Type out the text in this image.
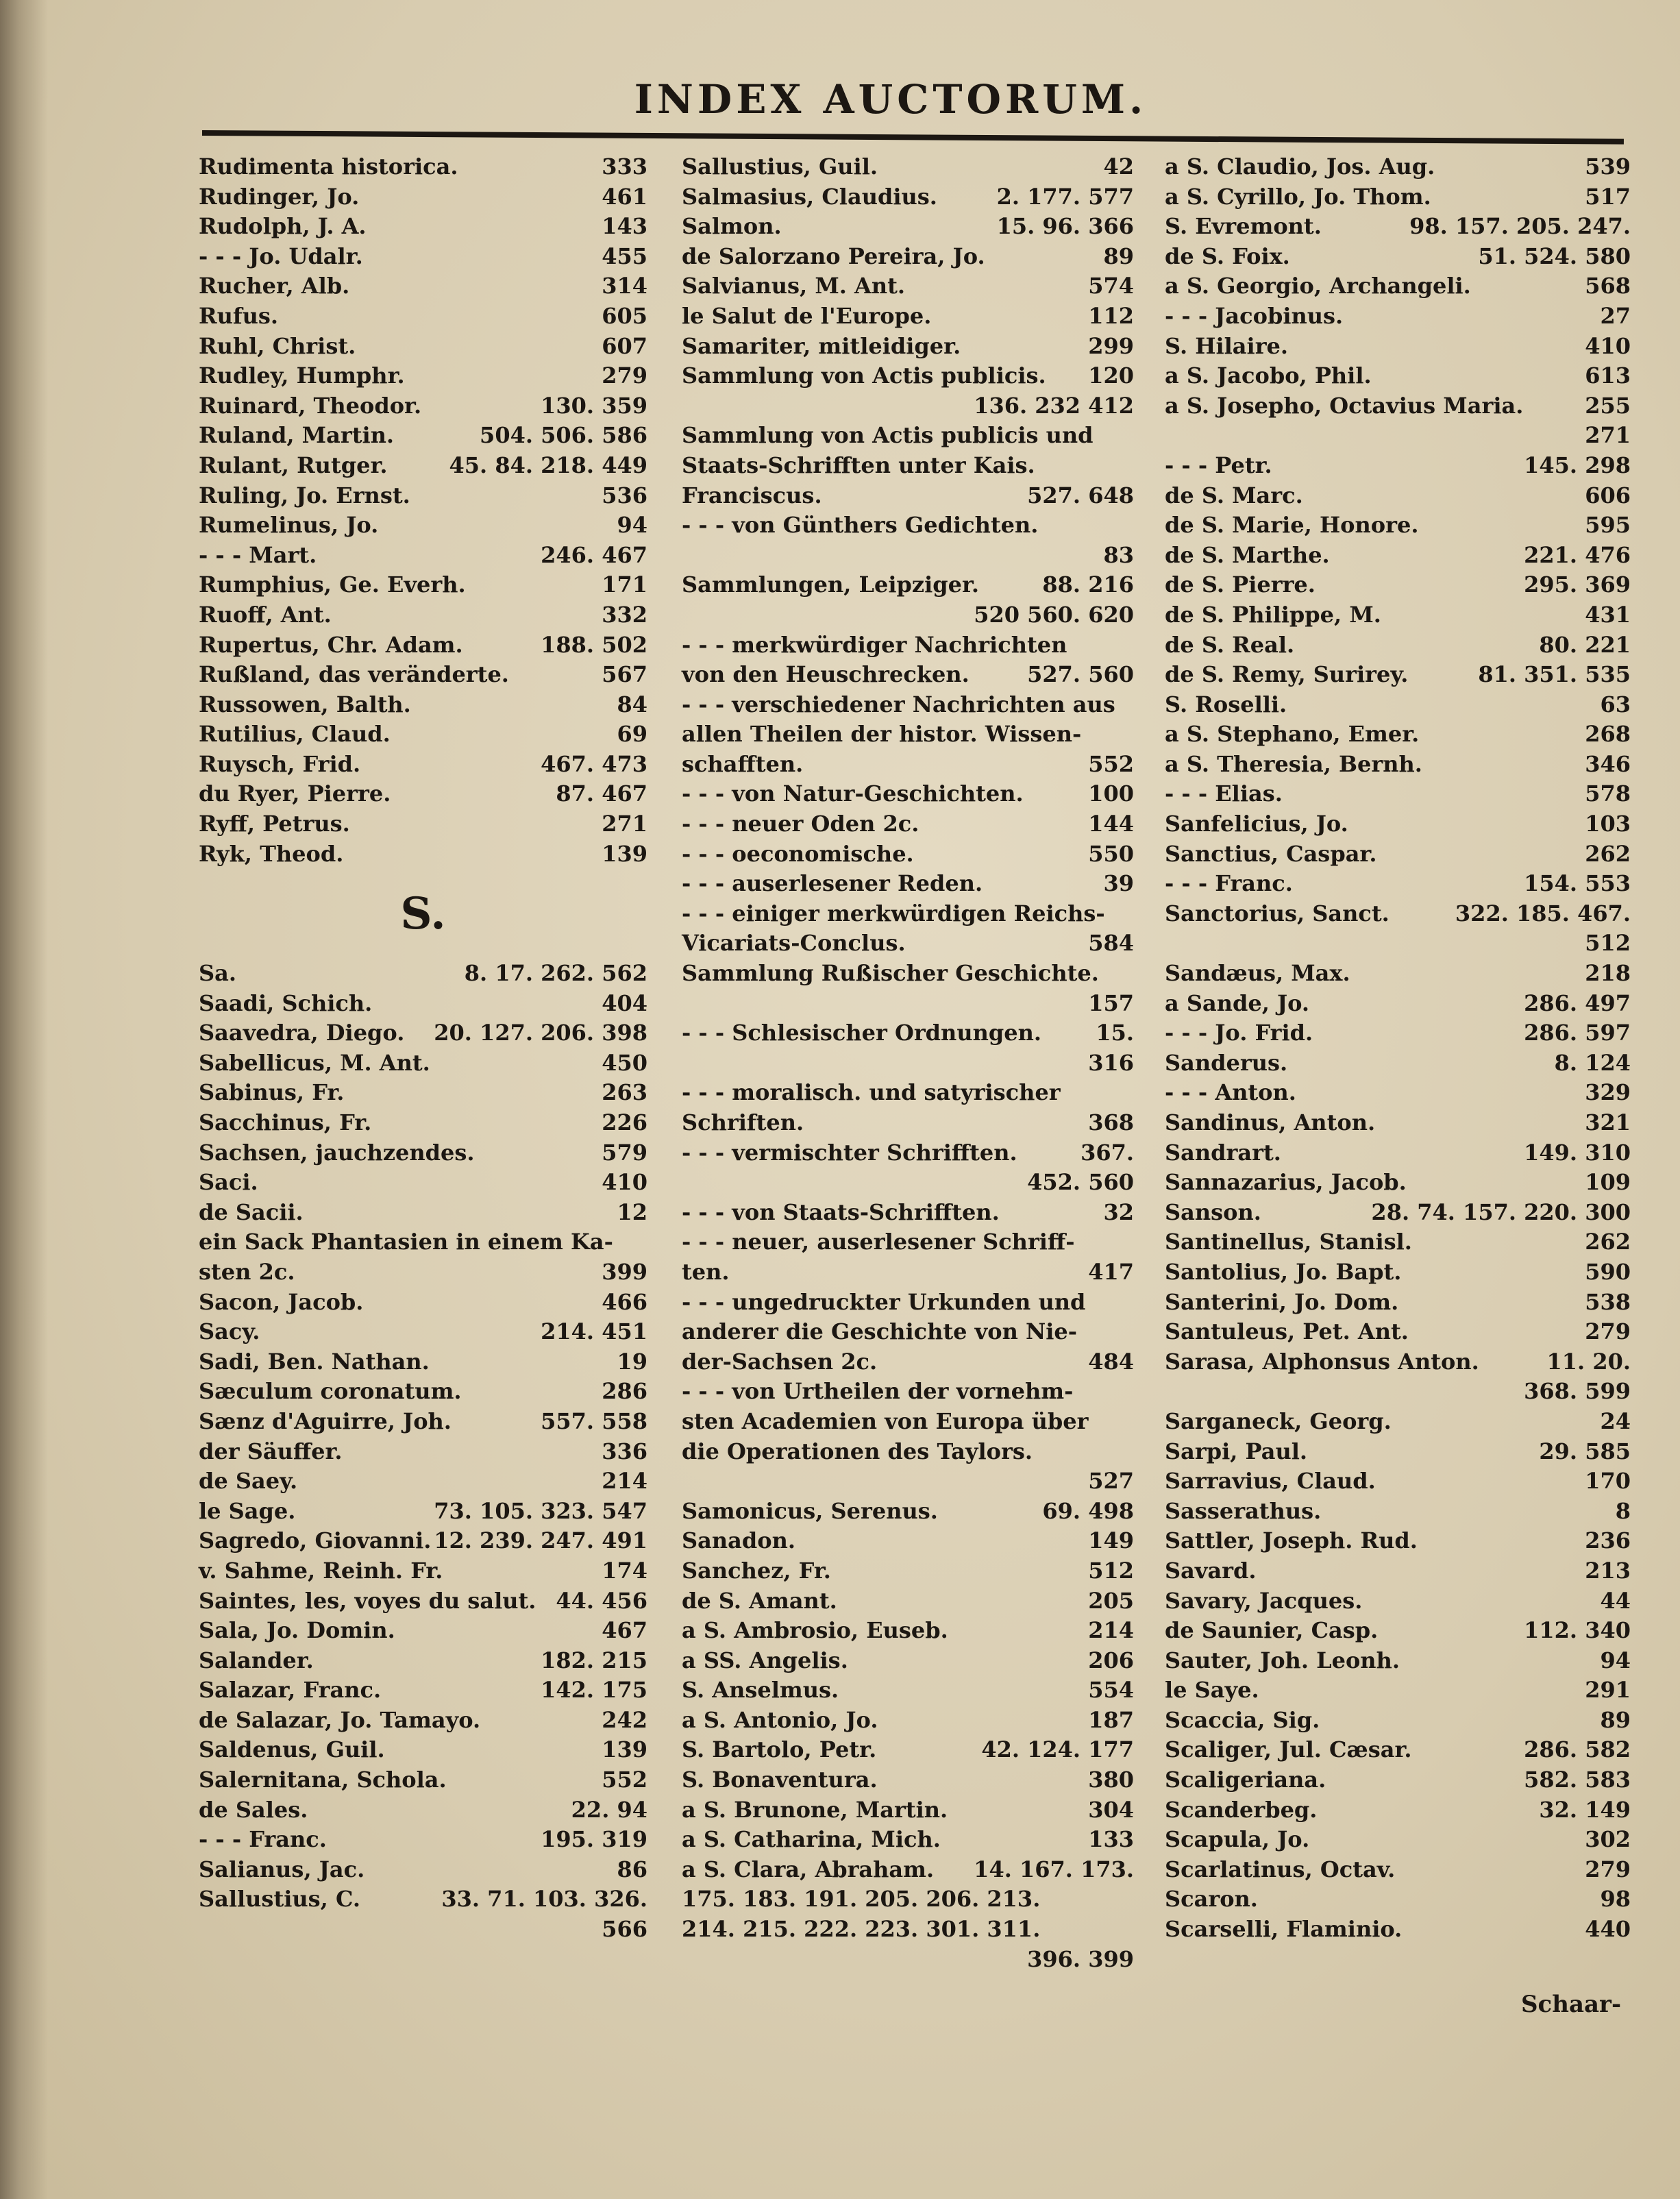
INDEX AUCTORUM.
Rudimenta historica.	333
Rudinger, Jo.	461
Rudolph, J. A.	143
- - - Jo. Udalr.	455
Rucher, Alb.	314
Rufus.	605
Ruhl, Christ.	607
Rudley, Humphr.	279
Ruinard, Theodor.	130. 359
Ruland, Martin.	504. 506. 586
Rulant, Rutger.	45. 84. 218. 449
Ruling, Jo. Ernst.	536
Rumelinus, Jo.	94
- - - Mart.	246. 467
Rumphius, Ge. Everh.	171
Ruoff, Ant.	332
Rupertus, Chr. Adam.	188. 502
Rußland, das veränderte.	567
Russowen, Balth.	84
Rutilius, Claud.	69
Ruysch, Frid.	467. 473
du Ryer, Pierre.	87. 467
Ryff, Petrus.	271
Ryk, Theod.	139
S.
Sa.	8. 17. 262. 562
Saadi, Schich.	404
Saavedra, Diego. 20. 127. 206. 398
Sabellicus, M. Ant.	450
Sabinus, Fr.	263
Sacchinus, Fr.	226
Sachsen, jauchzendes.	579
Saci.	410
de Sacii.	12
ein Sack Phantasien in einem Ka-
sten 2c.	399
Sacon, Jacob.	466
Sacy.	214. 451
Sadi, Ben. Nathan.	19
Sæculum coronatum.	286
Sænz d'Aguirre, Joh.	557. 558
der Säuffer.	336
de Saey.	214
le Sage.	73. 105. 323. 547
Sagredo, Giovanni. 12. 239. 247. 491
v. Sahme, Reinh. Fr.	174
Saintes, les, voyes du salut. 44. 456
Sala, Jo. Domin.	467
Salander.	182. 215
Salazar, Franc.	142. 175
de Salazar, Jo. Tamayo.	242
Saldenus, Guil.	139
Salernitana, Schola.	552
de Sales.	22. 94
- - - Franc.	195. 319
Salianus, Jac.	86
Sallustius, C.	33. 71. 103. 326.
566
Sallustius, Guil.	42
Salmasius, Claudius.	2. 177. 577
Salmon.	15. 96. 366
de Salorzano Pereira, Jo.	89
Salvianus, M. Ant.	574
le Salut de l'Europe.	112
Samariter, mitleidiger.	299
Sammlung von Actis publicis. 120
136. 232 412
Sammlung von Actis publicis und
Staats-Schrifften unter Kais.
Franciscus.	527. 648
- - - von Günthers Gedichten.
83
Sammlungen, Leipziger.	88. 216
520 560. 620
- - - merkwürdiger Nachrichten
von den Heuschrecken.	527. 560
- - - verschiedener Nachrichten aus
allen Theilen der histor. Wissen-
schafften.	552
- - - von Natur-Geschichten.	100
- - - neuer Oden 2c.	144
- - - oeconomische.	550
- - - auserlesener Reden.	39
- - - einiger merkwürdigen Reichs-
Vicariats-Conclus.	584
Sammlung Rußischer Geschichte.
157
- - - Schlesischer Ordnungen. 15.
316
- - - moralisch. und satyrischer
Schriften.	368
- - - vermischter Schrifften.	367.
452. 560
- - - von Staats-Schrifften.	32
- - - neuer, auserlesener Schriff-
ten.	417
- - - ungedruckter Urkunden und
anderer die Geschichte von Nie-
der-Sachsen 2c.	484
- - - von Urtheilen der vornehm-
sten Academien von Europa über
die Operationen des Taylors.
527
Samonicus, Serenus.	69. 498
Sanadon.	149
Sanchez, Fr.	512
de S. Amant.	205
a S. Ambrosio, Euseb.	214
a SS. Angelis.	206
S. Anselmus.	554
a S. Antonio, Jo.	187
S. Bartolo, Petr.	42. 124. 177
S. Bonaventura.	380
a S. Brunone, Martin.	304
a S. Catharina, Mich.	133
a S. Clara, Abraham. 14. 167. 173.
175. 183. 191. 205. 206. 213.
214. 215. 222. 223. 301. 311.
396. 399
a S. Claudio, Jos. Aug.	539
a S. Cyrillo, Jo. Thom.	517
S. Evremont.	98. 157. 205. 247.
de S. Foix.	51. 524. 580
a S. Georgio, Archangeli.	568
- - - Jacobinus.	27
S. Hilaire.	410
a S. Jacobo, Phil.	613
a S. Josepho, Octavius Maria.	255
271
- - - Petr.	145. 298
de S. Marc.	606
de S. Marie, Honore.	595
de S. Marthe.	221. 476
de S. Pierre.	295. 369
de S. Philippe, M.	431
de S. Real.	80. 221
de S. Remy, Surirey.	81. 351. 535
S. Roselli.	63
a S. Stephano, Emer.	268
a S. Theresia, Bernh.	346
- - - Elias.	578
Sanfelicius, Jo.	103
Sanctius, Caspar.	262
- - - Franc.	154. 553
Sanctorius, Sanct.	322. 185. 467.
512
Sandæus, Max.	218
a Sande, Jo.	286. 497
- - - Jo. Frid.	286. 597
Sanderus.	8. 124
- - - Anton.	329
Sandinus, Anton.	321
Sandrart.	149. 310
Sannazarius, Jacob.	109
Sanson.	28. 74. 157. 220. 300
Santinellus, Stanisl.	262
Santolius, Jo. Bapt.	590
Santerini, Jo. Dom.	538
Santuleus, Pet. Ant.	279
Sarasa, Alphonsus Anton.	11. 20.
368. 599
Sarganeck, Georg.	24
Sarpi, Paul.	29. 585
Sarravius, Claud.	170
Sasserathus.	8
Sattler, Joseph. Rud.	236
Savard.	213
Savary, Jacques.	44
de Saunier, Casp.	112. 340
Sauter, Joh. Leonh.	94
le Saye.	291
Scaccia, Sig.	89
Scaliger, Jul. Cæsar.	286. 582
Scaligeriana.	582. 583
Scanderbeg.	32. 149
Scapula, Jo.	302
Scarlatinus, Octav.	279
Scaron.	98
Scarselli, Flaminio.	440
Schaar-
